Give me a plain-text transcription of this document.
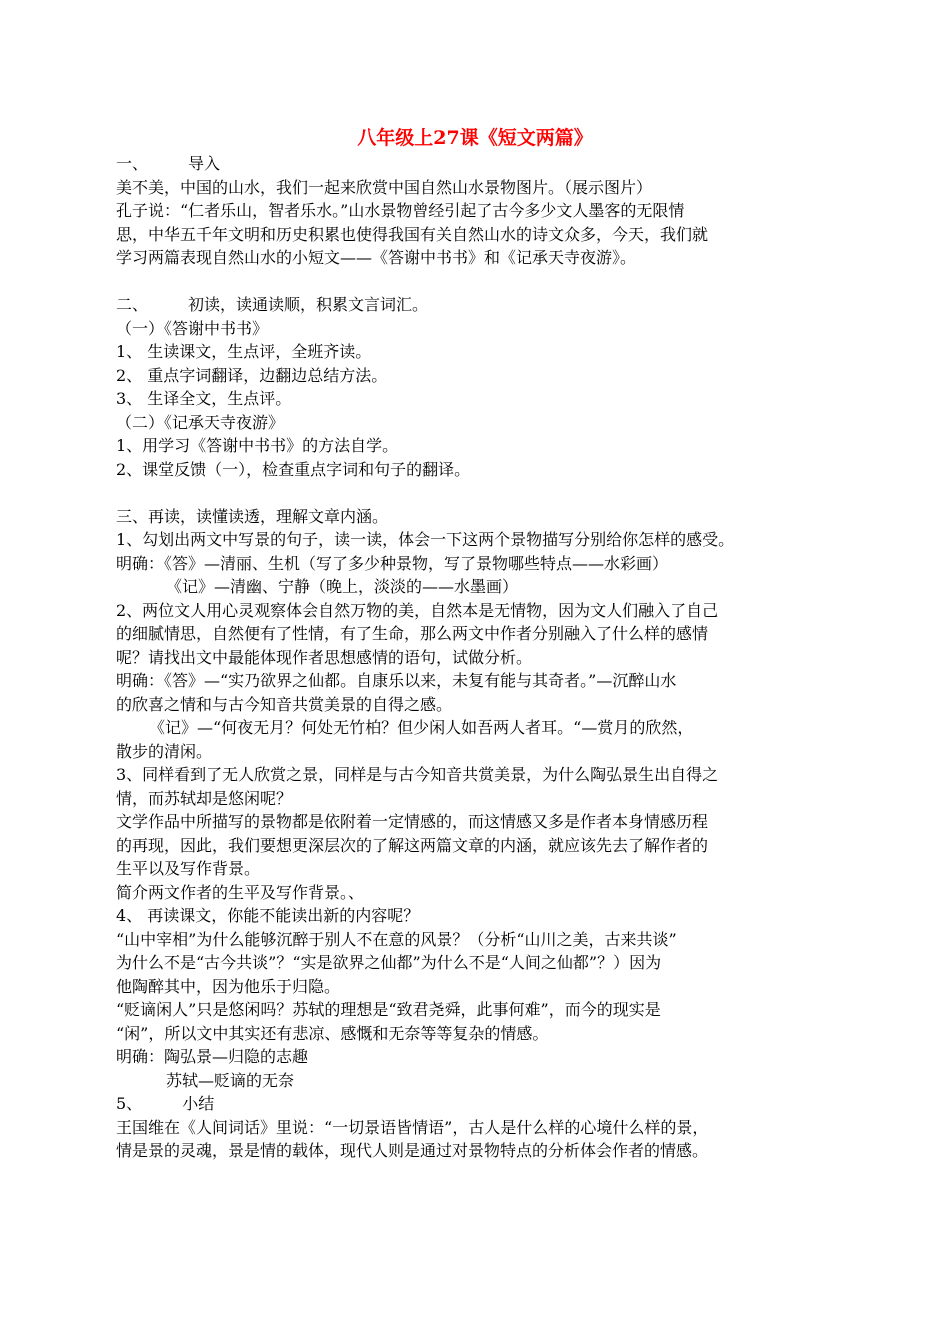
八年级上27课《短文两篇》
一、	导入
美不美，中国的山水，我们一起来欣赏中国自然山水景物图片。（展示图片）
孔子说：“仁者乐山，智者乐水。”山水景物曾经引起了古今多少文人墨客的无限情
思，中华五千年文明和历史积累也使得我国有关自然山水的诗文众多，今天，我们就
学习两篇表现自然山水的小短文——《答谢中书书》和《记承天寺夜游》。
二、	初读，读通读顺，积累文言词汇。
（一）《答谢中书书》
1、 生读课文，生点评，全班齐读。
2、 重点字词翻译，边翻边总结方法。
3、 生译全文，生点评。
（二）《记承天寺夜游》
1、用学习《答谢中书书》的方法自学。
2、课堂反馈（一），检查重点字词和句子的翻译。
三、再读，读懂读透，理解文章内涵。
1、勾划出两文中写景的句子，读一读，体会一下这两个景物描写分别给你怎样的感受。
明确：《答》—清丽、生机（写了多少种景物，写了景物哪些特点——水彩画）
《记》—清幽、宁静（晚上，淡淡的——水墨画）
2、两位文人用心灵观察体会自然万物的美，自然本是无情物，因为文人们融入了自己
的细腻情思，自然便有了性情，有了生命，那么两文中作者分别融入了什么样的感情
呢？请找出文中最能体现作者思想感情的语句，试做分析。
明确：《答》—“实乃欲界之仙都。自康乐以来，未复有能与其奇者。”—沉醉山水
的欣喜之情和与古今知音共赏美景的自得之感。
《记》—“何夜无月？何处无竹柏？但少闲人如吾两人者耳。“—赏月的欣然，
散步的清闲。
3、同样看到了无人欣赏之景，同样是与古今知音共赏美景，为什么陶弘景生出自得之
情，而苏轼却是悠闲呢？
文学作品中所描写的景物都是依附着一定情感的，而这情感又多是作者本身情感历程
的再现，因此，我们要想更深层次的了解这两篇文章的内涵，就应该先去了解作者的
生平以及写作背景。
简介两文作者的生平及写作背景。、
4、 再读课文，你能不能读出新的内容呢？
“山中宰相”为什么能够沉醉于别人不在意的风景？（分析“山川之美，古来共谈”
为什么不是“古今共谈”？“实是欲界之仙都”为什么不是“人间之仙都”？）因为
他陶醉其中，因为他乐于归隐。
“贬谪闲人”只是悠闲吗？苏轼的理想是“致君尧舜，此事何难”，而今的现实是
“闲”，所以文中其实还有悲凉、感慨和无奈等等复杂的情感。
明确：陶弘景—归隐的志趣
苏轼—贬谪的无奈
5、	小结
王国维在《人间词话》里说：“一切景语皆情语”，古人是什么样的心境什么样的景，
情是景的灵魂，景是情的载体，现代人则是通过对景物特点的分析体会作者的情感。
